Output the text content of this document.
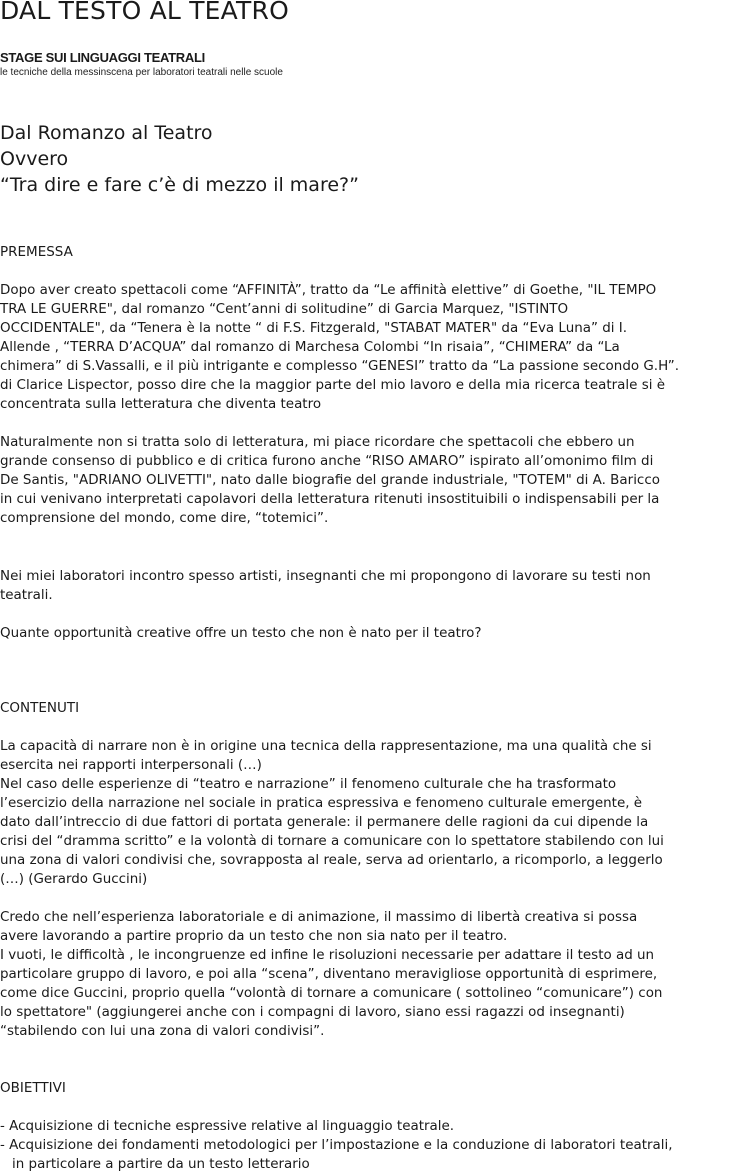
DAL TESTO AL TEATRO
STAGE SUI LINGUAGGI TEATRALI
le tecniche della messinscena per laboratori teatrali nelle scuole
Dal Romanzo al Teatro
Ovvero
“Tra dire e fare c’è di mezzo il mare?”
PREMESSA
Dopo aver creato spettacoli come “AFFINITÀ”, tratto da “Le affinità elettive” di Goethe, "IL TEMPO
TRA LE GUERRE", dal romanzo “Cent’anni di solitudine” di Garcia Marquez, "ISTINTO
OCCIDENTALE", da “Tenera è la notte “ di F.S. Fitzgerald, "STABAT MATER" da “Eva Luna” di I.
Allende , “TERRA D’ACQUA” dal romanzo di Marchesa Colombi “In risaia”, “CHIMERA” da “La
chimera” di S.Vassalli, e il più intrigante e complesso “GENESI” tratto da “La passione secondo G.H”.
di Clarice Lispector, posso dire che la maggior parte del mio lavoro e della mia ricerca teatrale si è
concentrata sulla letteratura che diventa teatro
Naturalmente non si tratta solo di letteratura, mi piace ricordare che spettacoli che ebbero un
grande consenso di pubblico e di critica furono anche “RISO AMARO” ispirato all’omonimo film di
De Santis, "ADRIANO OLIVETTI", nato dalle biografie del grande industriale, "TOTEM" di A. Baricco
in cui venivano interpretati capolavori della letteratura ritenuti insostituibili o indispensabili per la
comprensione del mondo, come dire, “totemici”.
Nei miei laboratori incontro spesso artisti, insegnanti che mi propongono di lavorare su testi non
teatrali.
Quante opportunità creative offre un testo che non è nato per il teatro?
CONTENUTI
La capacità di narrare non è in origine una tecnica della rappresentazione, ma una qualità che si
esercita nei rapporti interpersonali (…)
Nel caso delle esperienze di “teatro e narrazione” il fenomeno culturale che ha trasformato
l’esercizio della narrazione nel sociale in pratica espressiva e fenomeno culturale emergente, è
dato dall’intreccio di due fattori di portata generale: il permanere delle ragioni da cui dipende la
crisi del “dramma scritto” e la volontà di tornare a comunicare con lo spettatore stabilendo con lui
una zona di valori condivisi che, sovrapposta al reale, serva ad orientarlo, a ricomporlo, a leggerlo
(…) (Gerardo Guccini)
Credo che nell’esperienza laboratoriale e di animazione, il massimo di libertà creativa si possa
avere lavorando a partire proprio da un testo che non sia nato per il teatro.
I vuoti, le difficoltà , le incongruenze ed infine le risoluzioni necessarie per adattare il testo ad un
particolare gruppo di lavoro, e poi alla “scena”, diventano meravigliose opportunità di esprimere,
come dice Guccini, proprio quella “volontà di tornare a comunicare ( sottolineo “comunicare”) con
lo spettatore" (aggiungerei anche con i compagni di lavoro, siano essi ragazzi od insegnanti)
“stabilendo con lui una zona di valori condivisi”.
OBIETTIVI
- Acquisizione di tecniche espressive relative al linguaggio teatrale.
- Acquisizione dei fondamenti metodologici per l’impostazione e la conduzione di laboratori teatrali,
in particolare a partire da un testo letterario
